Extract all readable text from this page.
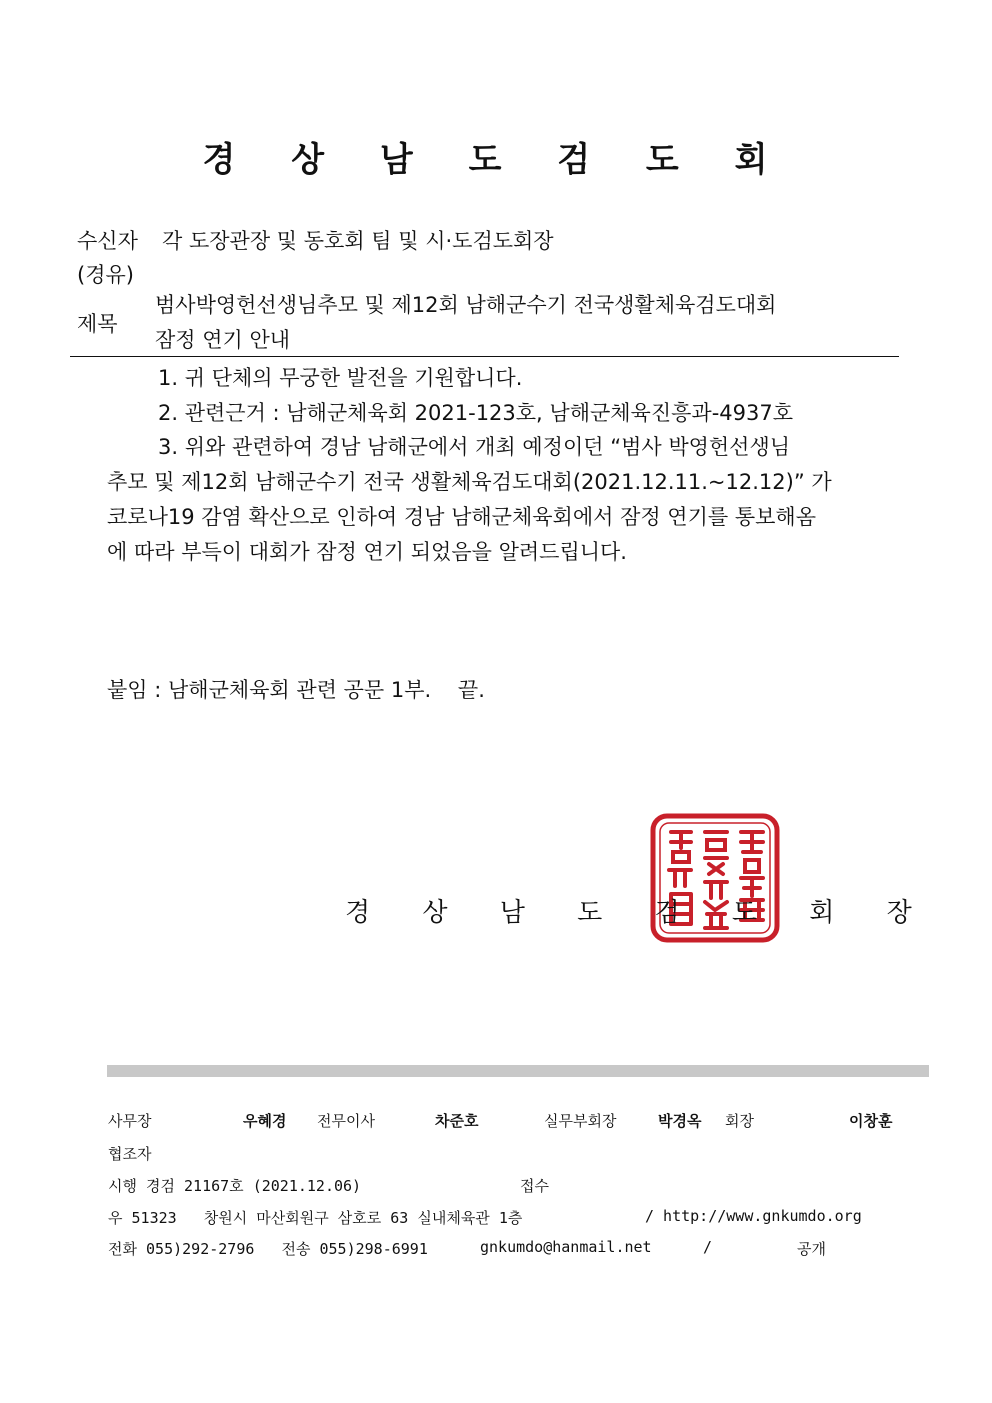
경 상 남 도 검 도 회
수신자 각 도장관장 및 동호회 팀 및 시·도검도회장
(경유)
제목
범사박영헌선생님추모 및 제12회 남해군수기 전국생활체육검도대회
잠정 연기 안내
1. 귀 단체의 무궁한 발전을 기원합니다.
2. 관련근거 : 남해군체육회 2021-123호, 남해군체육진흥과-4937호
3. 위와 관련하여 경남 남해군에서 개최 예정이던 “범사 박영헌선생님
추모 및 제12회 남해군수기 전국 생활체육검도대회(2021.12.11.~12.12)” 가
코로나19 감염 확산으로 인하여 경남 남해군체육회에서 잠정 연기를 통보해옴
에 따라 부득이 대회가 잠정 연기 되었음을 알려드립니다.
붙임 : 남해군체육회 관련 공문 1부.    끝.
경 상 남 도 검 도 회 장
사무장	우혜경 전무이사	차준호	실무부회장	박경옥 회장	이창훈
협조자
시행 경검 21167호 (2021.12.06)	접수
우 51323   창원시 마산회원구 삼호로 63 실내체육관 1층	/ http://www.gnkumdo.org
전화 055)292-2796   전송 055)298-6991	gnkumdo@hanmail.net	/	공개
